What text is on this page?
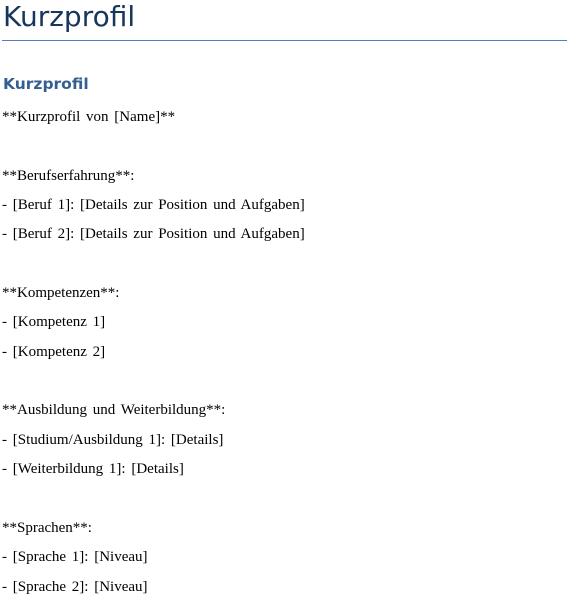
Kurzprofil
Kurzprofil
**Kurzprofil von [Name]**
**Berufserfahrung**:
- [Beruf 1]: [Details zur Position und Aufgaben]
- [Beruf 2]: [Details zur Position und Aufgaben]
**Kompetenzen**:
- [Kompetenz 1]
- [Kompetenz 2]
**Ausbildung und Weiterbildung**:
- [Studium/Ausbildung 1]: [Details]
- [Weiterbildung 1]: [Details]
**Sprachen**:
- [Sprache 1]: [Niveau]
- [Sprache 2]: [Niveau]
